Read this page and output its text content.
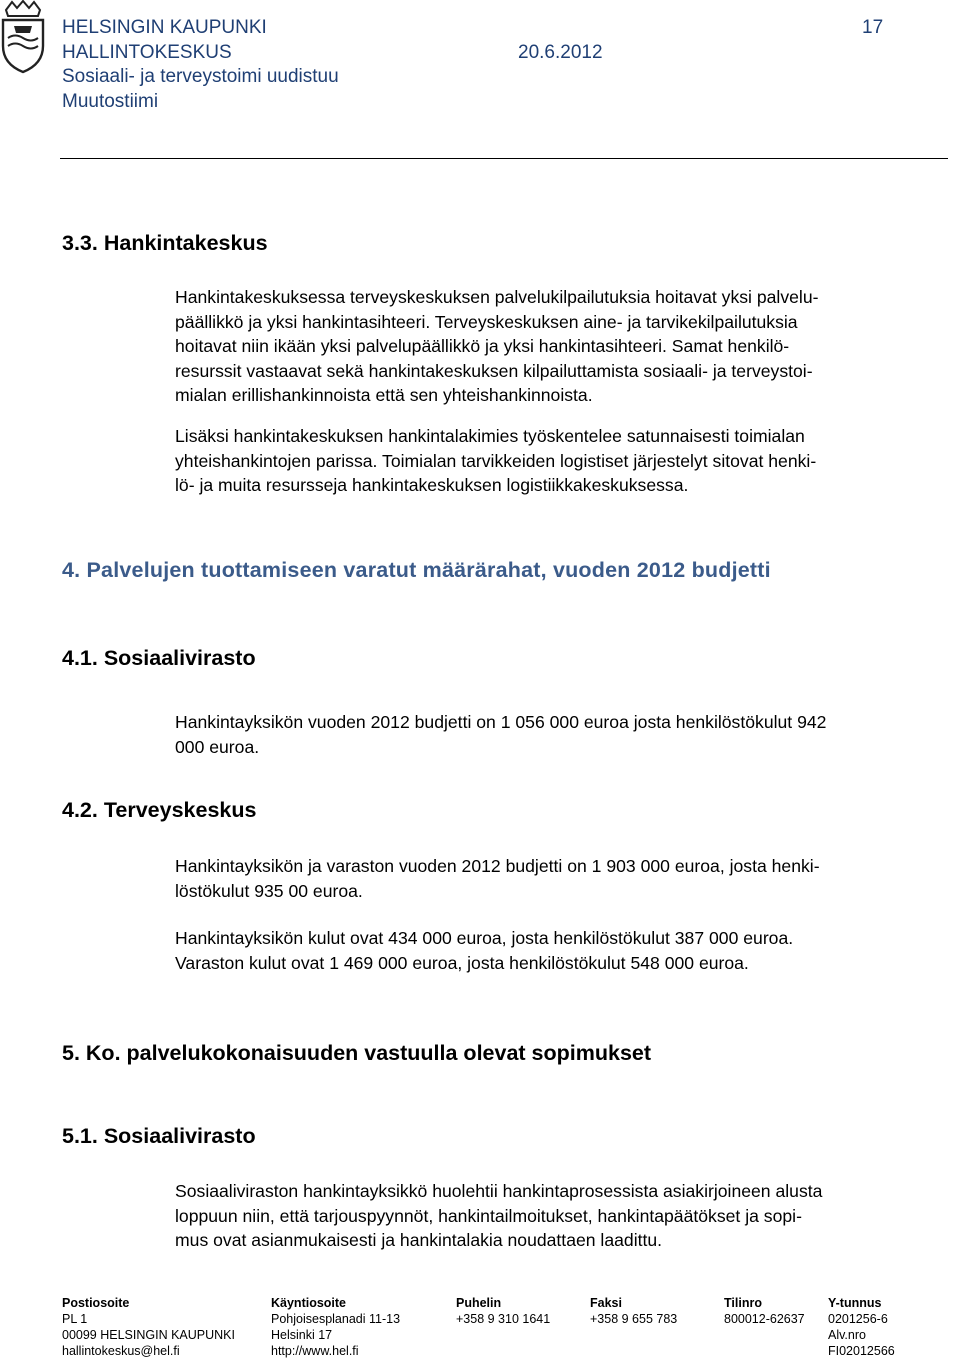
HELSINGIN KAUPUNKI	17
HALLINTOKESKUS	20.6.2012
Sosiaali- ja terveystoimi uudistuu
Muutostiimi
3.3. Hankintakeskus
Hankintakeskuksessa terveyskeskuksen palvelukilpailutuksia hoitavat yksi palvelu-
päällikkö ja yksi hankintasihteeri. Terveyskeskuksen aine- ja tarvikekilpailutuksia
hoitavat niin ikään yksi palvelupäällikkö ja yksi hankintasihteeri. Samat henkilö-
resurssit vastaavat sekä hankintakeskuksen kilpailuttamista sosiaali- ja terveystoi-
mialan erillishankinnoista että sen yhteishankinnoista.
Lisäksi hankintakeskuksen hankintalakimies työskentelee satunnaisesti toimialan
yhteishankintojen parissa. Toimialan tarvikkeiden logistiset järjestelyt sitovat henki-
lö- ja muita resursseja hankintakeskuksen logistiikkakeskuksessa.
4. Palvelujen tuottamiseen varatut määrärahat, vuoden 2012 budjetti
4.1. Sosiaalivirasto
Hankintayksikön vuoden 2012 budjetti on 1 056 000 euroa josta henkilöstökulut 942
000 euroa.
4.2. Terveyskeskus
Hankintayksikön ja varaston vuoden 2012 budjetti on 1 903 000 euroa, josta henki-
löstökulut 935 00 euroa.
Hankintayksikön kulut ovat 434 000 euroa, josta henkilöstökulut 387 000 euroa.
Varaston kulut ovat 1 469 000 euroa, josta henkilöstökulut 548 000 euroa.
5. Ko. palvelukokonaisuuden vastuulla olevat sopimukset
5.1. Sosiaalivirasto
Sosiaaliviraston hankintayksikkö huolehtii hankintaprosessista asiakirjoineen alusta
loppuun niin, että tarjouspyynnöt, hankintailmoitukset, hankintapäätökset ja sopi-
mus ovat asianmukaisesti ja hankintalakia noudattaen laadittu.
Postiosoite
PL 1
00099 HELSINGIN KAUPUNKI
hallintokeskus@hel.fi
Käyntiosoite
Pohjoisesplanadi 11-13
Helsinki 17
http://www.hel.fi
Puhelin
+358 9 310 1641
Faksi
+358 9 655 783
Tilinro
800012-62637
Y-tunnus
0201256-6
Alv.nro
FI02012566
